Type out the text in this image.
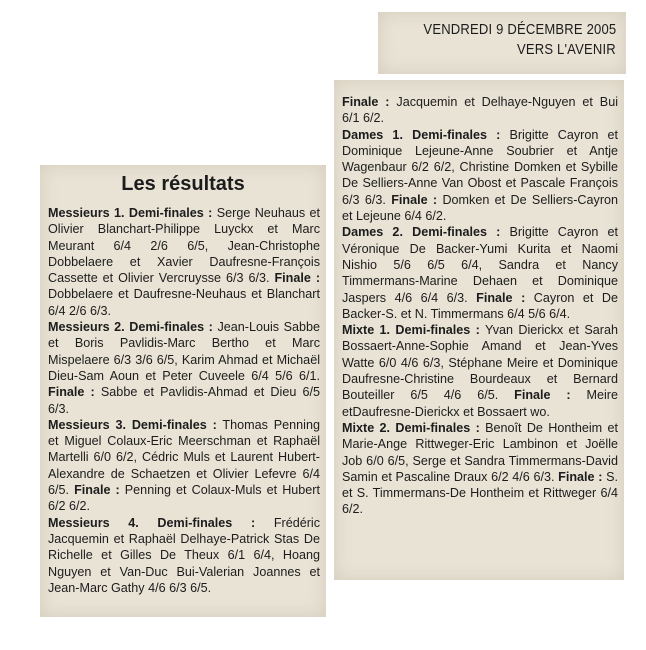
VENDREDI 9 DÉCEMBRE 2005
VERS L'AVENIR
Les résultats

Messieurs 1. Demi-finales : Serge Neuhaus et Olivier Blanchart-Philippe Luyckx et Marc Meurant 6/4 2/6 6/5, Jean-Christophe Dobbelaere et Xavier Daufresne-François Cassette et Olivier Vercruysse 6/3 6/3. Finale : Dobbelaere et Daufresne-Neuhaus et Blanchart 6/4 2/6 6/3.

Messieurs 2. Demi-finales : Jean-Louis Sabbe et Boris Pavlidis-Marc Bertho et Marc Mispelaere 6/3 3/6 6/5, Karim Ahmad et Michaël Dieu-Sam Aoun et Peter Cuveele 6/4 5/6 6/1. Finale : Sabbe et Pavlidis-Ahmad et Dieu 6/5 6/3.

Messieurs 3. Demi-finales : Thomas Penning et Miguel Colaux-Eric Meerschman et Raphaël Martelli 6/0 6/2, Cédric Muls et Laurent Hubert-Alexandre de Schaetzen et Olivier Lefevre 6/4 6/5. Finale : Penning et Colaux-Muls et Hubert 6/2 6/2.

Messieurs 4. Demi-finales : Frédéric Jacquemin et Raphaël Delhaye-Patrick Stas De Richelle et Gilles De Theux 6/1 6/4, Hoang Nguyen et Van-Duc Bui-Valerian Joannes et Jean-Marc Gathy 4/6 6/3 6/5.

Finale : Jacquemin et Delhaye-Nguyen et Bui 6/1 6/2.

Dames 1. Demi-finales : Brigitte Cayron et Dominique Lejeune-Anne Soubrier et Antje Wagenbaur 6/2 6/2, Christine Domken et Sybille De Selliers-Anne Van Obost et Pascale François 6/3 6/3. Finale : Domken et De Selliers-Cayron et Lejeune 6/4 6/2.

Dames 2. Demi-finales : Brigitte Cayron et Véronique De Backer-Yumi Kurita et Naomi Nishio 5/6 6/5 6/4, Sandra et Nancy Timmermans-Marine Dehaen et Dominique Jaspers 4/6 6/4 6/3. Finale : Cayron et De Backer-S. et N. Timmermans 6/4 5/6 6/4.

Mixte 1. Demi-finales : Yvan Dierickx et Sarah Bossaert-Anne-Sophie Amand et Jean-Yves Watte 6/0 4/6 6/3, Stéphane Meire et Dominique Daufresne-Christine Bourdeaux et Bernard Bouteiller 6/5 4/6 6/5. Finale : Meire etDaufresne-Dierickx et Bossaert wo.

Mixte 2. Demi-finales : Benoît De Hontheim et Marie-Ange Rittweger-Eric Lambinon et Joëlle Job 6/0 6/5, Serge et Sandra Timmermans-David Samin et Pascaline Draux 6/2 4/6 6/3. Finale : S. et S. Timmermans-De Hontheim et Rittweger 6/4 6/2.
